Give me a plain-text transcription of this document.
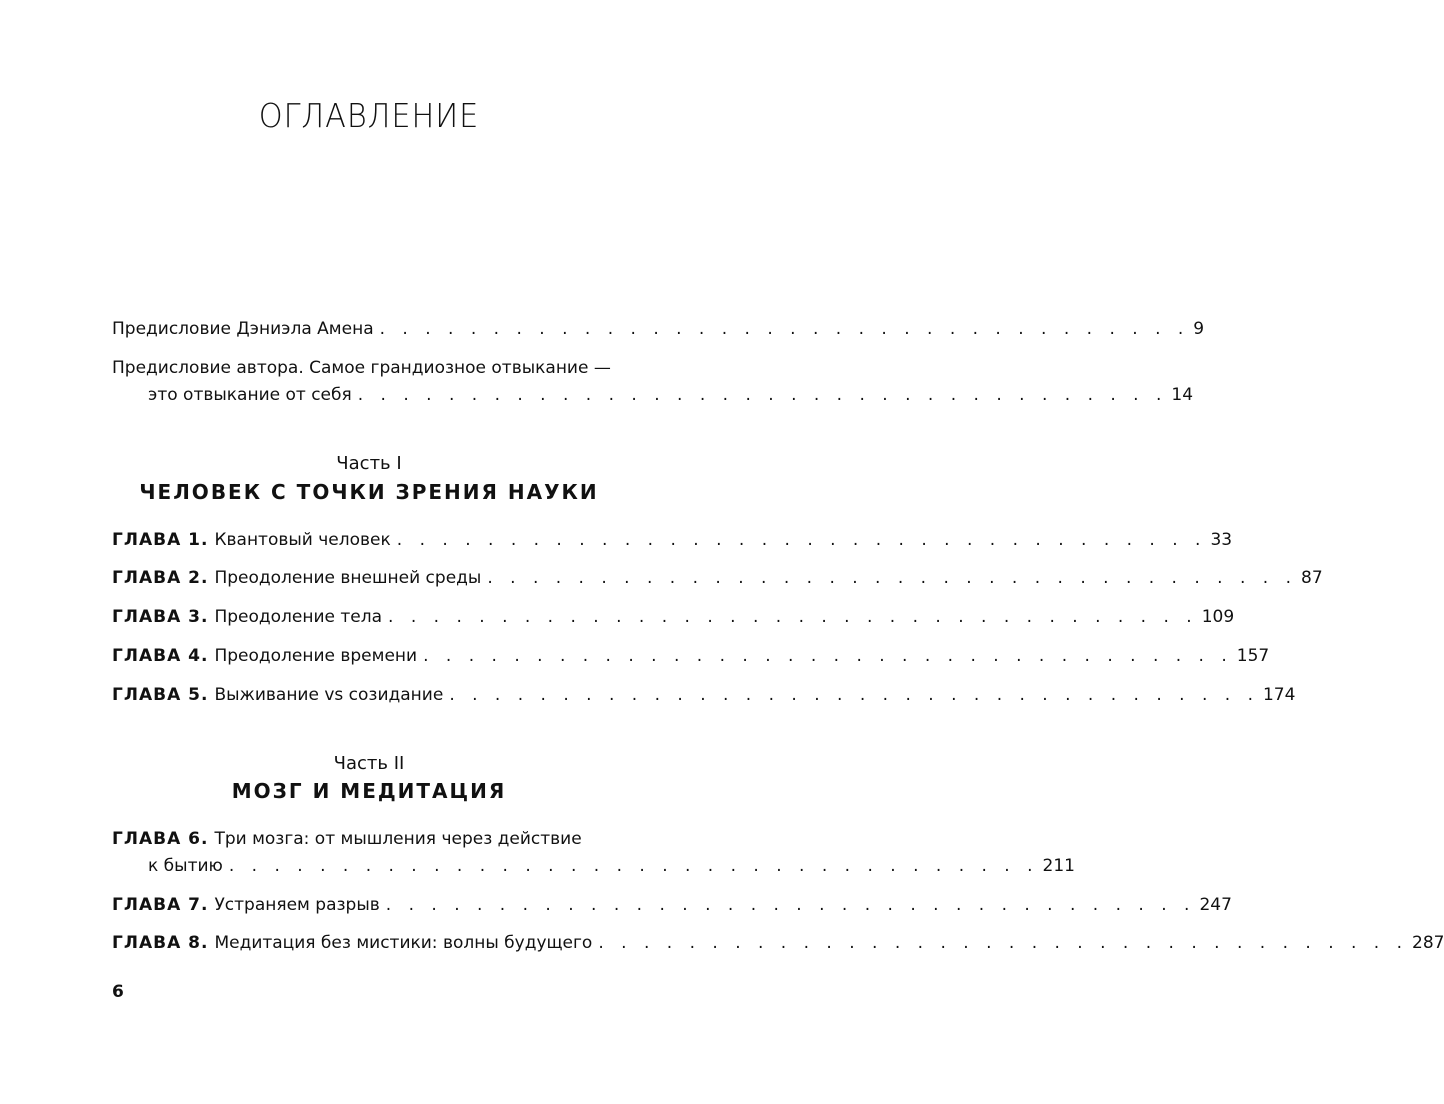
ОГЛАВЛЕНИЕ
Предисловие Дэниэла Амена . . . . . . . . . . . . . . . . . . . . . . . . . . . . . . . . . . . . 9
Предисловие автора. Самое грандиозное отвыкание —
это отвыкание от себя . . . . . . . . . . . . . . . . . . . . . . . . . . . . . . . . . . . . 14
Часть I
ЧЕЛОВЕК С ТОЧКИ ЗРЕНИЯ НАУКИ
ГЛАВА 1. Квантовый человек . . . . . . . . . . . . . . . . . . . . . . . . . . . . . . . . . . . . 33
ГЛАВА 2. Преодоление внешней среды . . . . . . . . . . . . . . . . . . . . . . . . . . . . . . . . . . . . 87
ГЛАВА 3. Преодоление тела . . . . . . . . . . . . . . . . . . . . . . . . . . . . . . . . . . . . 109
ГЛАВА 4. Преодоление времени . . . . . . . . . . . . . . . . . . . . . . . . . . . . . . . . . . . . 157
ГЛАВА 5. Выживание vs созидание . . . . . . . . . . . . . . . . . . . . . . . . . . . . . . . . . . . . 174
Часть II
МОЗГ И МЕДИТАЦИЯ
ГЛАВА 6. Три мозга: от мышления через действие
к бытию . . . . . . . . . . . . . . . . . . . . . . . . . . . . . . . . . . . . 211
ГЛАВА 7. Устраняем разрыв . . . . . . . . . . . . . . . . . . . . . . . . . . . . . . . . . . . . 247
ГЛАВА 8. Медитация без мистики: волны будущего . . . . . . . . . . . . . . . . . . . . . . . . . . . . . . . . . . . . 287
6
